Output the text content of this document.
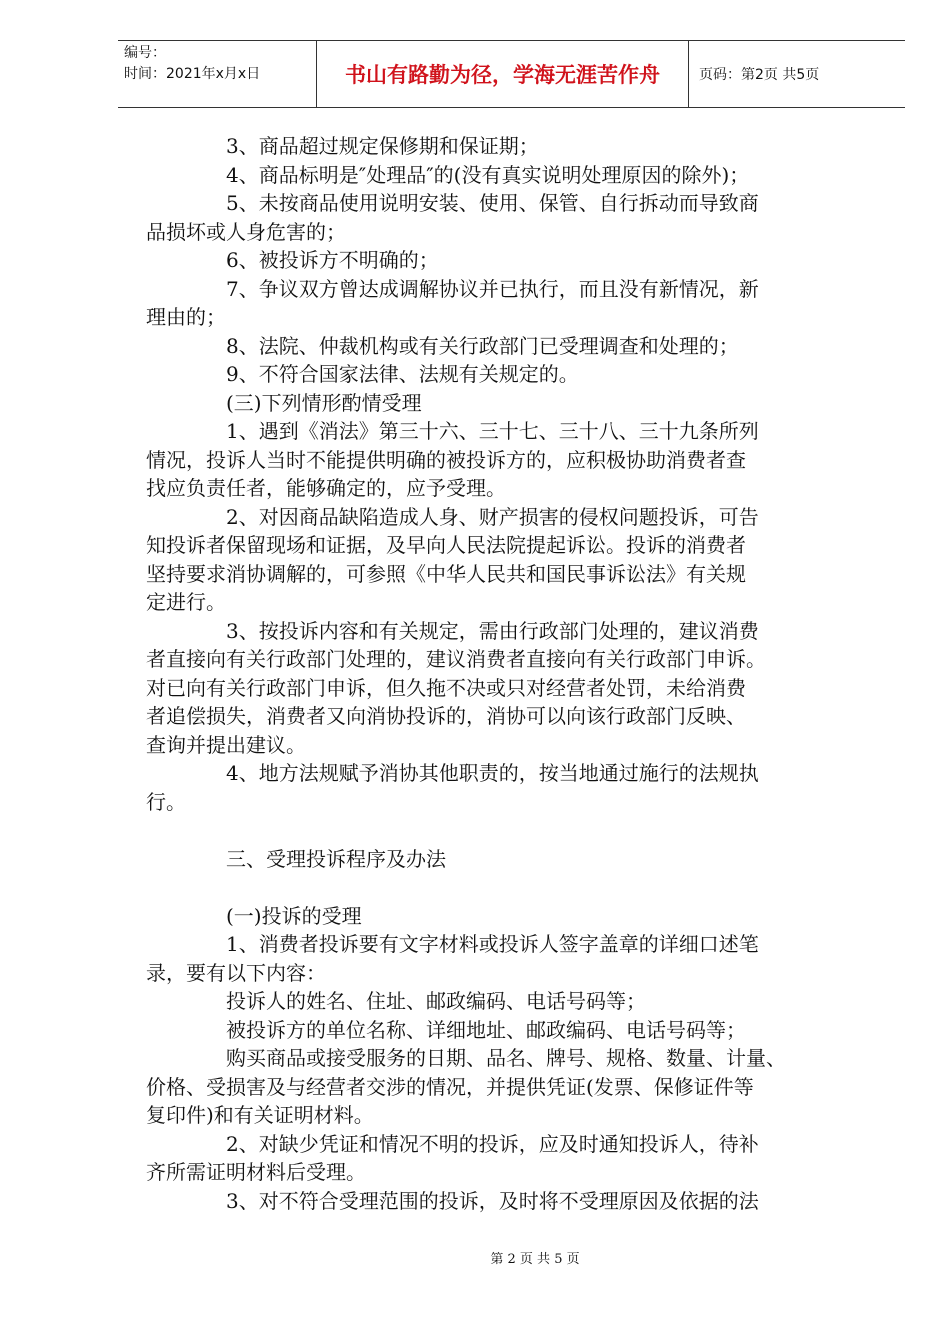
编号：
时间：2021年x月x日	书山有路勤为径，学海无涯苦作舟	页码：第2页 共5页
3、商品超过规定保修期和保证期；
4、商品标明是″处理品″的(没有真实说明处理原因的除外)；
5、未按商品使用说明安装、使用、保管、自行拆动而导致商
品损坏或人身危害的；
6、被投诉方不明确的；
7、争议双方曾达成调解协议并已执行，而且没有新情况，新
理由的；
8、法院、仲裁机构或有关行政部门已受理调查和处理的；
9、不符合国家法律、法规有关规定的。
(三)下列情形酌情受理
1、遇到《消法》第三十六、三十七、三十八、三十九条所列
情况，投诉人当时不能提供明确的被投诉方的，应积极协助消费者查
找应负责任者，能够确定的，应予受理。
2、对因商品缺陷造成人身、财产损害的侵权问题投诉，可告
知投诉者保留现场和证据，及早向人民法院提起诉讼。投诉的消费者
坚持要求消协调解的，可参照《中华人民共和国民事诉讼法》有关规
定进行。
3、按投诉内容和有关规定，需由行政部门处理的，建议消费
者直接向有关行政部门处理的，建议消费者直接向有关行政部门申诉。
对已向有关行政部门申诉，但久拖不决或只对经营者处罚，未给消费
者追偿损失，消费者又向消协投诉的，消协可以向该行政部门反映、
查询并提出建议。
4、地方法规赋予消协其他职责的，按当地通过施行的法规执
行。
三、受理投诉程序及办法
(一)投诉的受理
1、消费者投诉要有文字材料或投诉人签字盖章的详细口述笔
录，要有以下内容：
投诉人的姓名、住址、邮政编码、电话号码等；
被投诉方的单位名称、详细地址、邮政编码、电话号码等；
购买商品或接受服务的日期、品名、牌号、规格、数量、计量、
价格、受损害及与经营者交涉的情况，并提供凭证(发票、保修证件等
复印件)和有关证明材料。
2、对缺少凭证和情况不明的投诉，应及时通知投诉人，待补
齐所需证明材料后受理。
3、对不符合受理范围的投诉，及时将不受理原因及依据的法
第 2 页 共 5 页
